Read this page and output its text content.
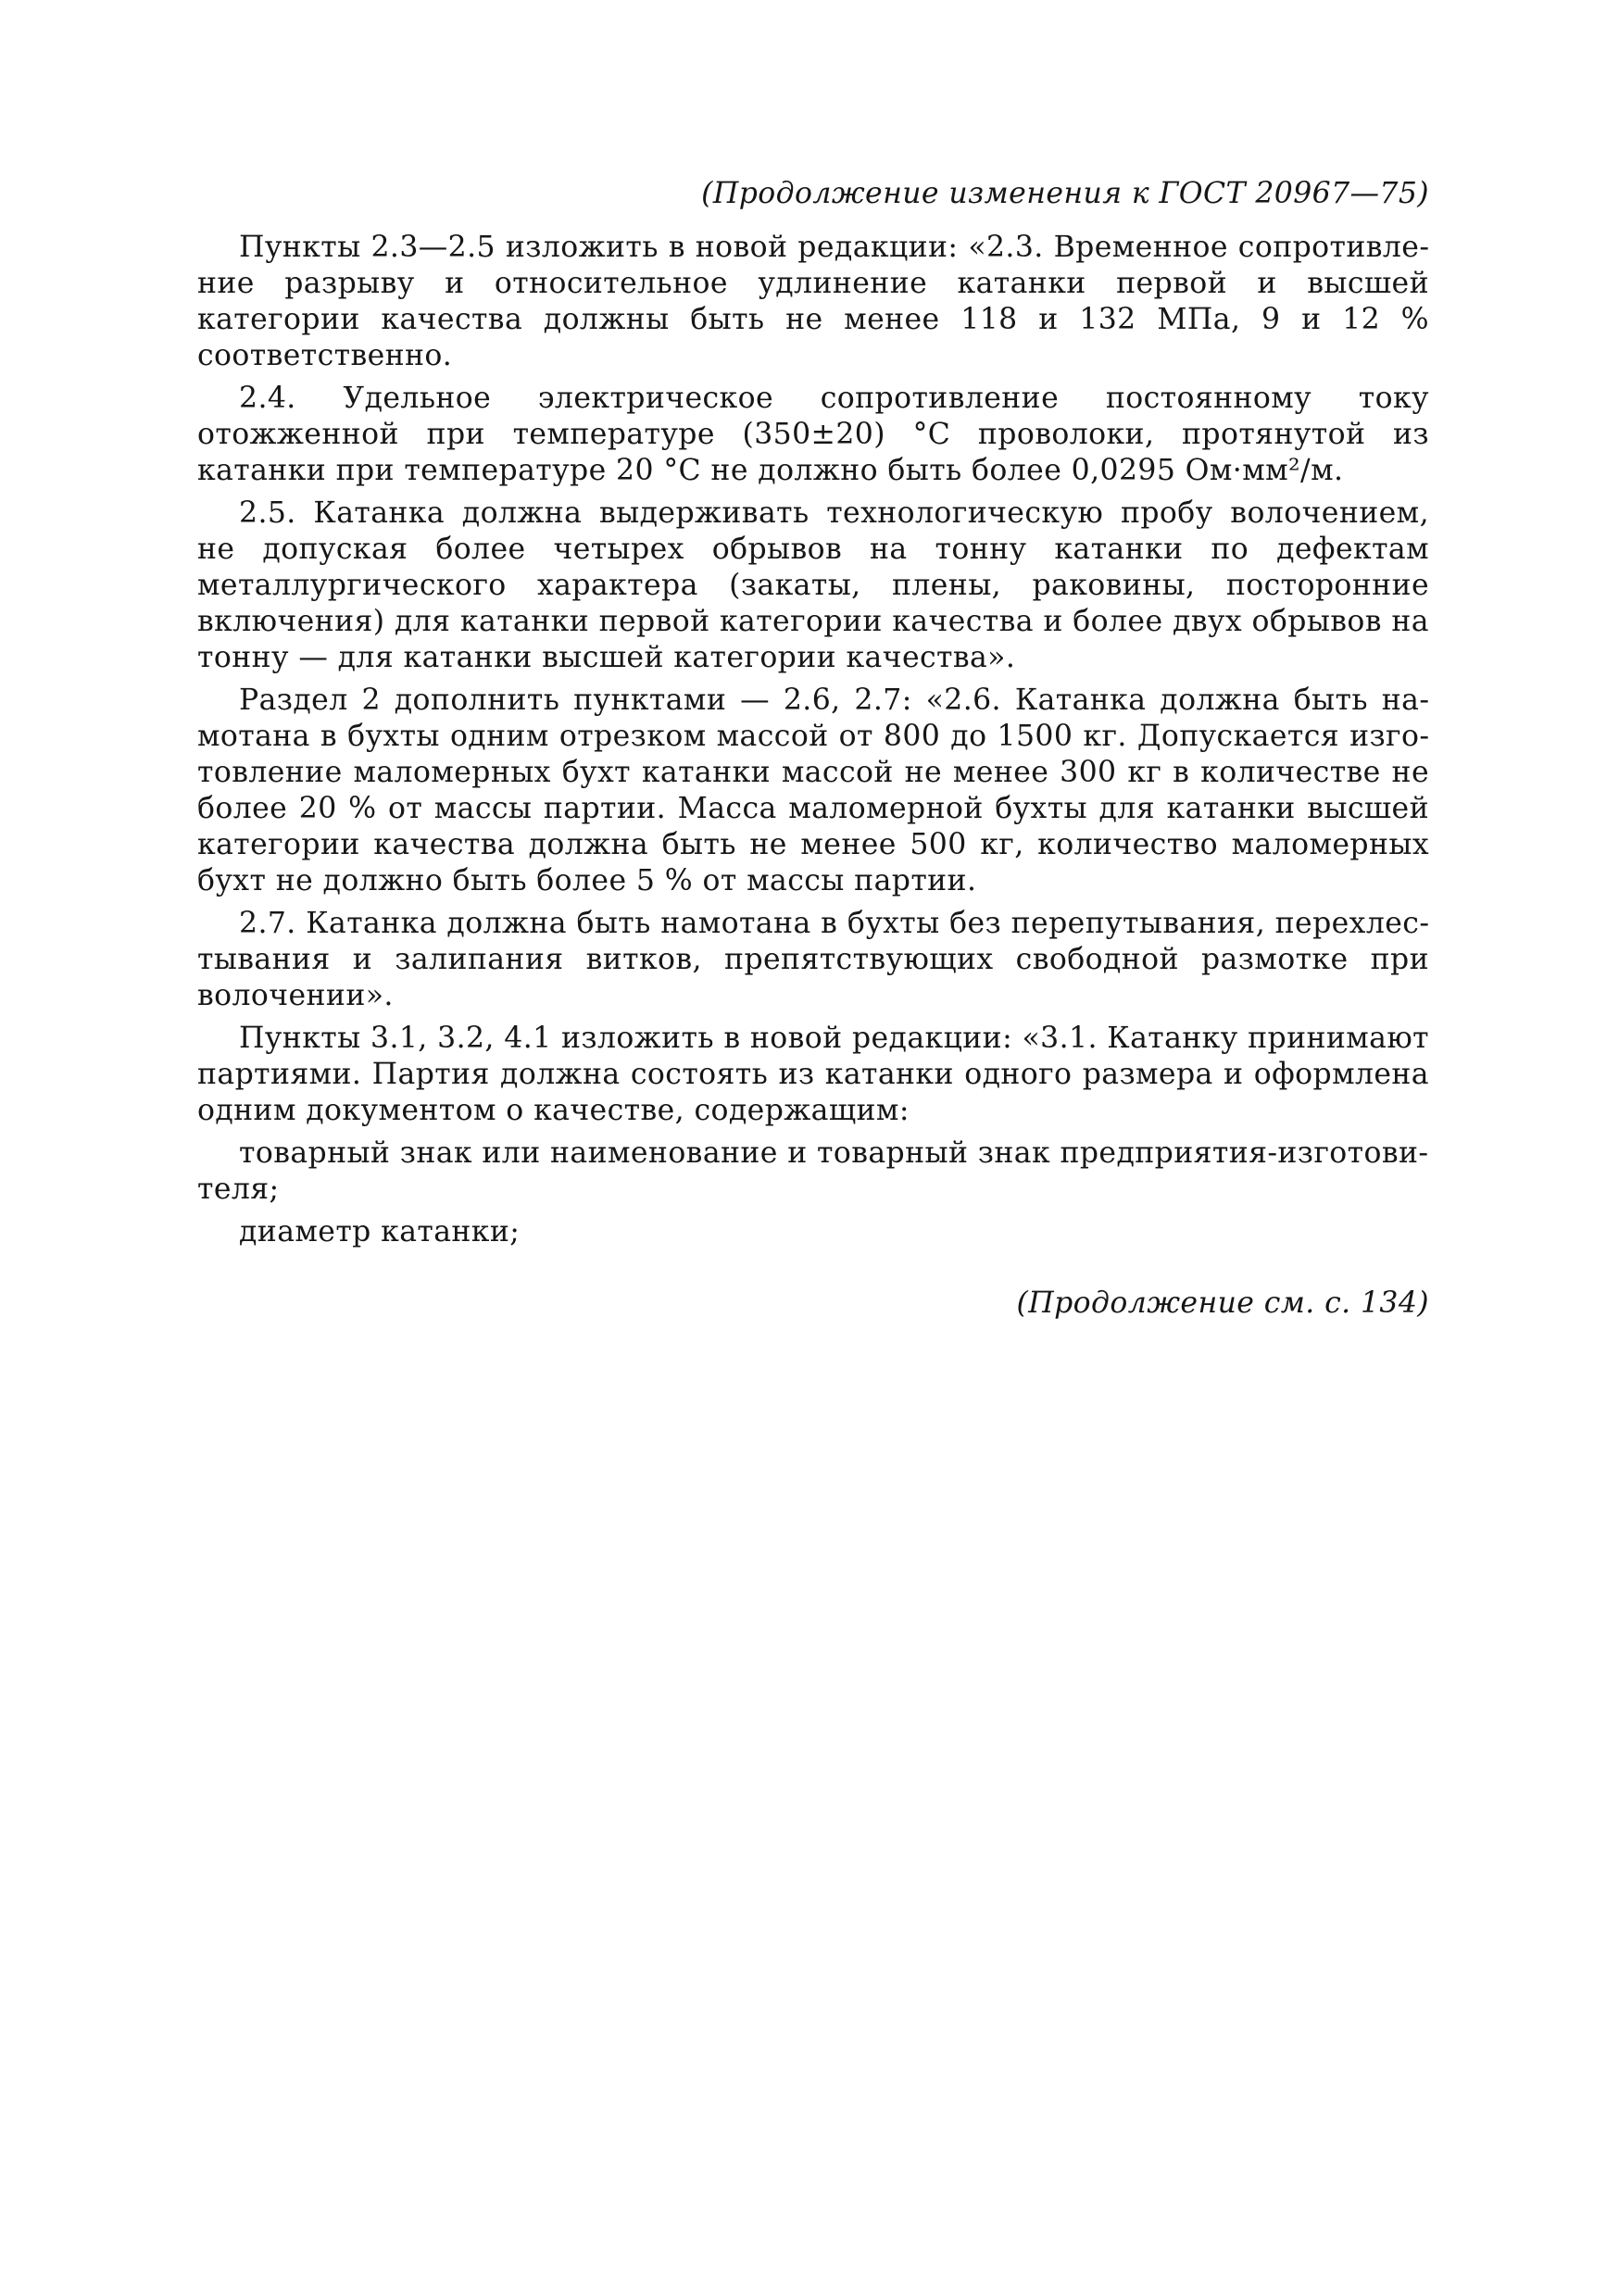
(Продолжение изменения к ГОСТ 20967—75)

Пункты 2.3—2.5 изложить в новой редакции: «2.3. Временное сопротивление разрыву и относительное удлинение катанки первой и высшей категории качества должны быть не менее 118 и 132 МПа, 9 и 12 % соответственно.

2.4. Удельное электрическое сопротивление постоянному току отожженной при температуре (350±20) °С проволоки, протянутой из катанки при температуре 20 °С не должно быть более 0,0295 Ом·мм²/м.

2.5. Катанка должна выдерживать технологическую пробу волочением, не допуская более четырех обрывов на тонну катанки по дефектам металлургического характера (закаты, плены, раковины, посторонние включения) для катанки первой категории качества и более двух обрывов на тонну — для катанки высшей категории качества».

Раздел 2 дополнить пунктами — 2.6, 2.7: «2.6. Катанка должна быть намотана в бухты одним отрезком массой от 800 до 1500 кг. Допускается изготовление маломерных бухт катанки массой не менее 300 кг в количестве не более 20 % от массы партии. Масса маломерной бухты для катанки высшей категории качества должна быть не менее 500 кг, количество маломерных бухт не должно быть более 5 % от массы партии.

2.7. Катанка должна быть намотана в бухты без перепутывания, перехлестывания и залипания витков, препятствующих свободной размотке при волочении».

Пункты 3.1, 3.2, 4.1 изложить в новой редакции: «3.1. Катанку принимают партиями. Партия должна состоять из катанки одного размера и оформлена одним документом о качестве, содержащим:

товарный знак или наименование и товарный знак предприятия-изготовителя;

диаметр катанки;

(Продолжение см. с. 134)
